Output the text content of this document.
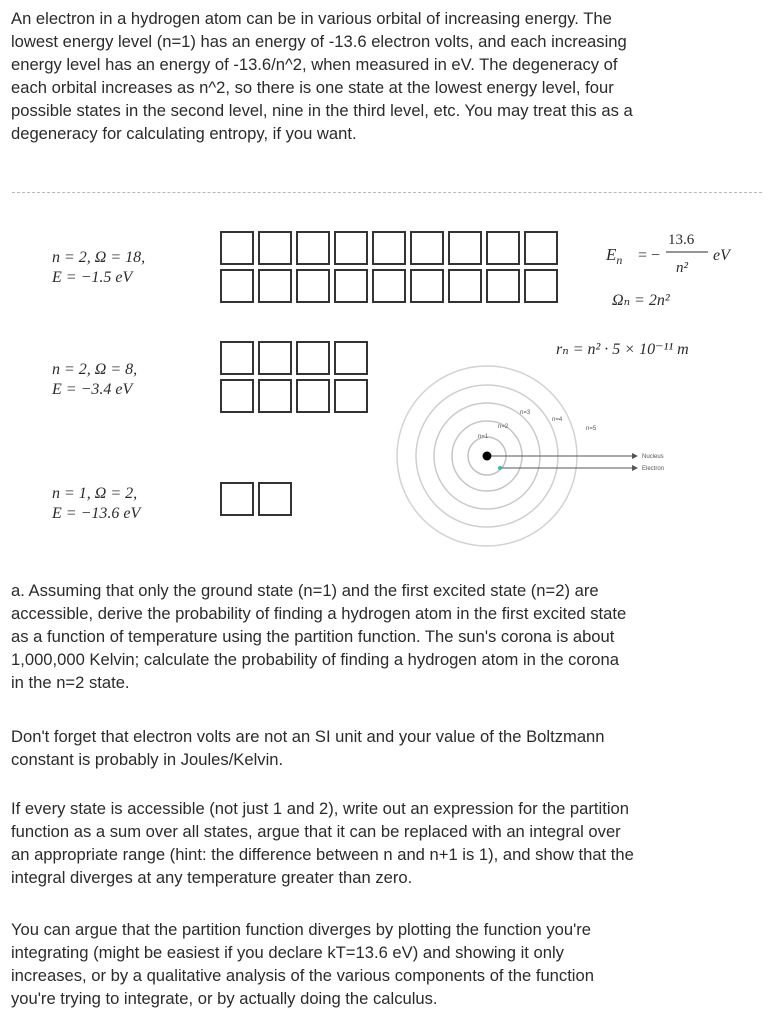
An electron in a hydrogen atom can be in various orbital of increasing energy. The
lowest energy level (n=1) has an energy of -13.6 electron volts, and each increasing
energy level has an energy of -13.6/n^2, when measured in eV. The degeneracy of
each orbital increases as n^2, so there is one state at the lowest energy level, four
possible states in the second level, nine in the third level, etc. You may treat this as a
degeneracy for calculating entropy, if you want.

n = 2, Ω = 18,
E = −1.5 eV
n = 2, Ω = 8,
E = −3.4 eV
n = 1, Ω = 2,
E = −13.6 eV
$E_n$ = −
13.6
n²
eV
Ωₙ = 2n²
rₙ = n² · 5 × 10⁻¹¹ m
n=1
n=2
n=3
n=4
n=5
Nucleus
Electron

a. Assuming that only the ground state (n=1) and the first excited state (n=2) are
accessible, derive the probability of finding a hydrogen atom in the first excited state
as a function of temperature using the partition function. The sun's corona is about
1,000,000 Kelvin; calculate the probability of finding a hydrogen atom in the corona
in the n=2 state.

Don't forget that electron volts are not an SI unit and your value of the Boltzmann
constant is probably in Joules/Kelvin.

If every state is accessible (not just 1 and 2), write out an expression for the partition
function as a sum over all states, argue that it can be replaced with an integral over
an appropriate range (hint: the difference between n and n+1 is 1), and show that the
integral diverges at any temperature greater than zero.

You can argue that the partition function diverges by plotting the function you're
integrating (might be easiest if you declare kT=13.6 eV) and showing it only
increases, or by a qualitative analysis of the various components of the function
you're trying to integrate, or by actually doing the calculus.
